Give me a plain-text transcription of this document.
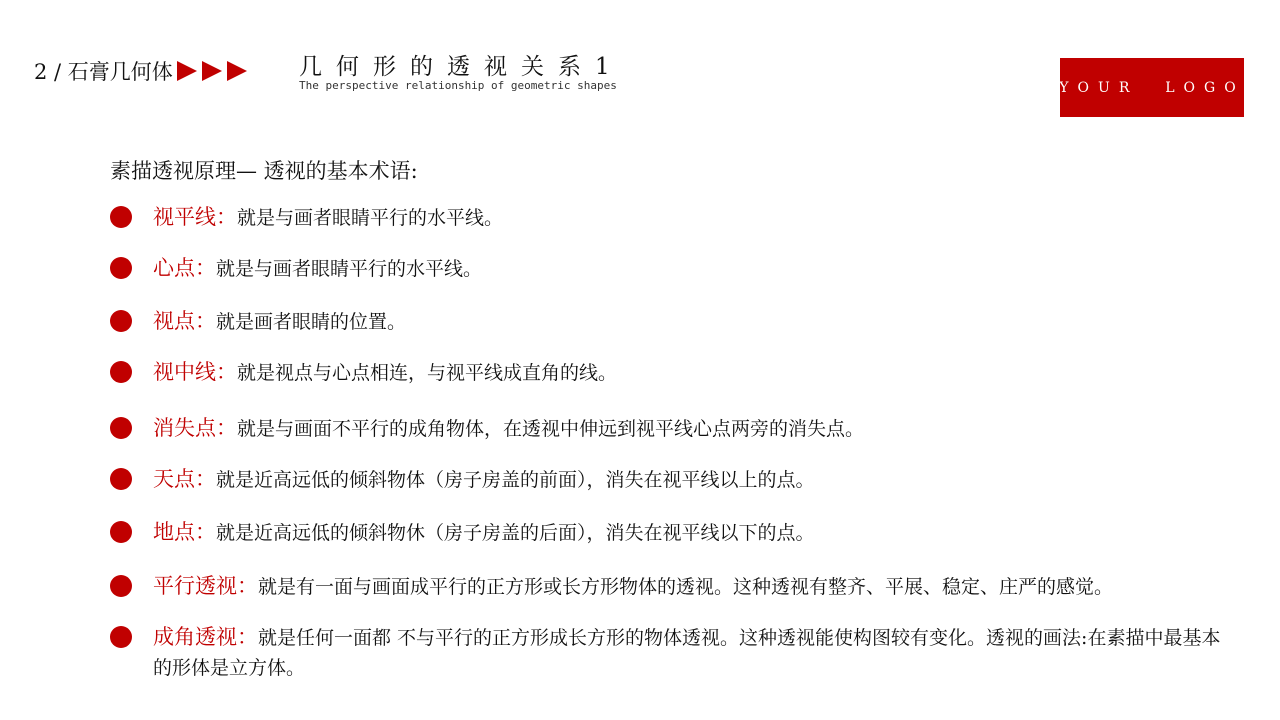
2 / 石膏几何体	几何形的透视关系1
The perspective relationship of geometric shapes	YOUR  LOGO
素描透视原理— 透视的基本术语:
视平线：就是与画者眼睛平行的水平线。
心点：就是与画者眼睛平行的水平线。
视点：就是画者眼睛的位置。
视中线：就是视点与心点相连，与视平线成直角的线。
消失点：就是与画面不平行的成角物体，在透视中伸远到视平线心点两旁的消失点。
天点：就是近高远低的倾斜物体（房子房盖的前面），消失在视平线以上的点。
地点：就是近高远低的倾斜物休（房子房盖的后面），消失在视平线以下的点。
平行透视：就是有一面与画面成平行的正方形或长方形物体的透视。这种透视有整齐、平展、稳定、庄严的感觉。
成角透视：就是任何一面都 不与平行的正方形成长方形的物体透视。这种透视能使构图较有变化。透视的画法:在素描中最基本的形体是立方体。
